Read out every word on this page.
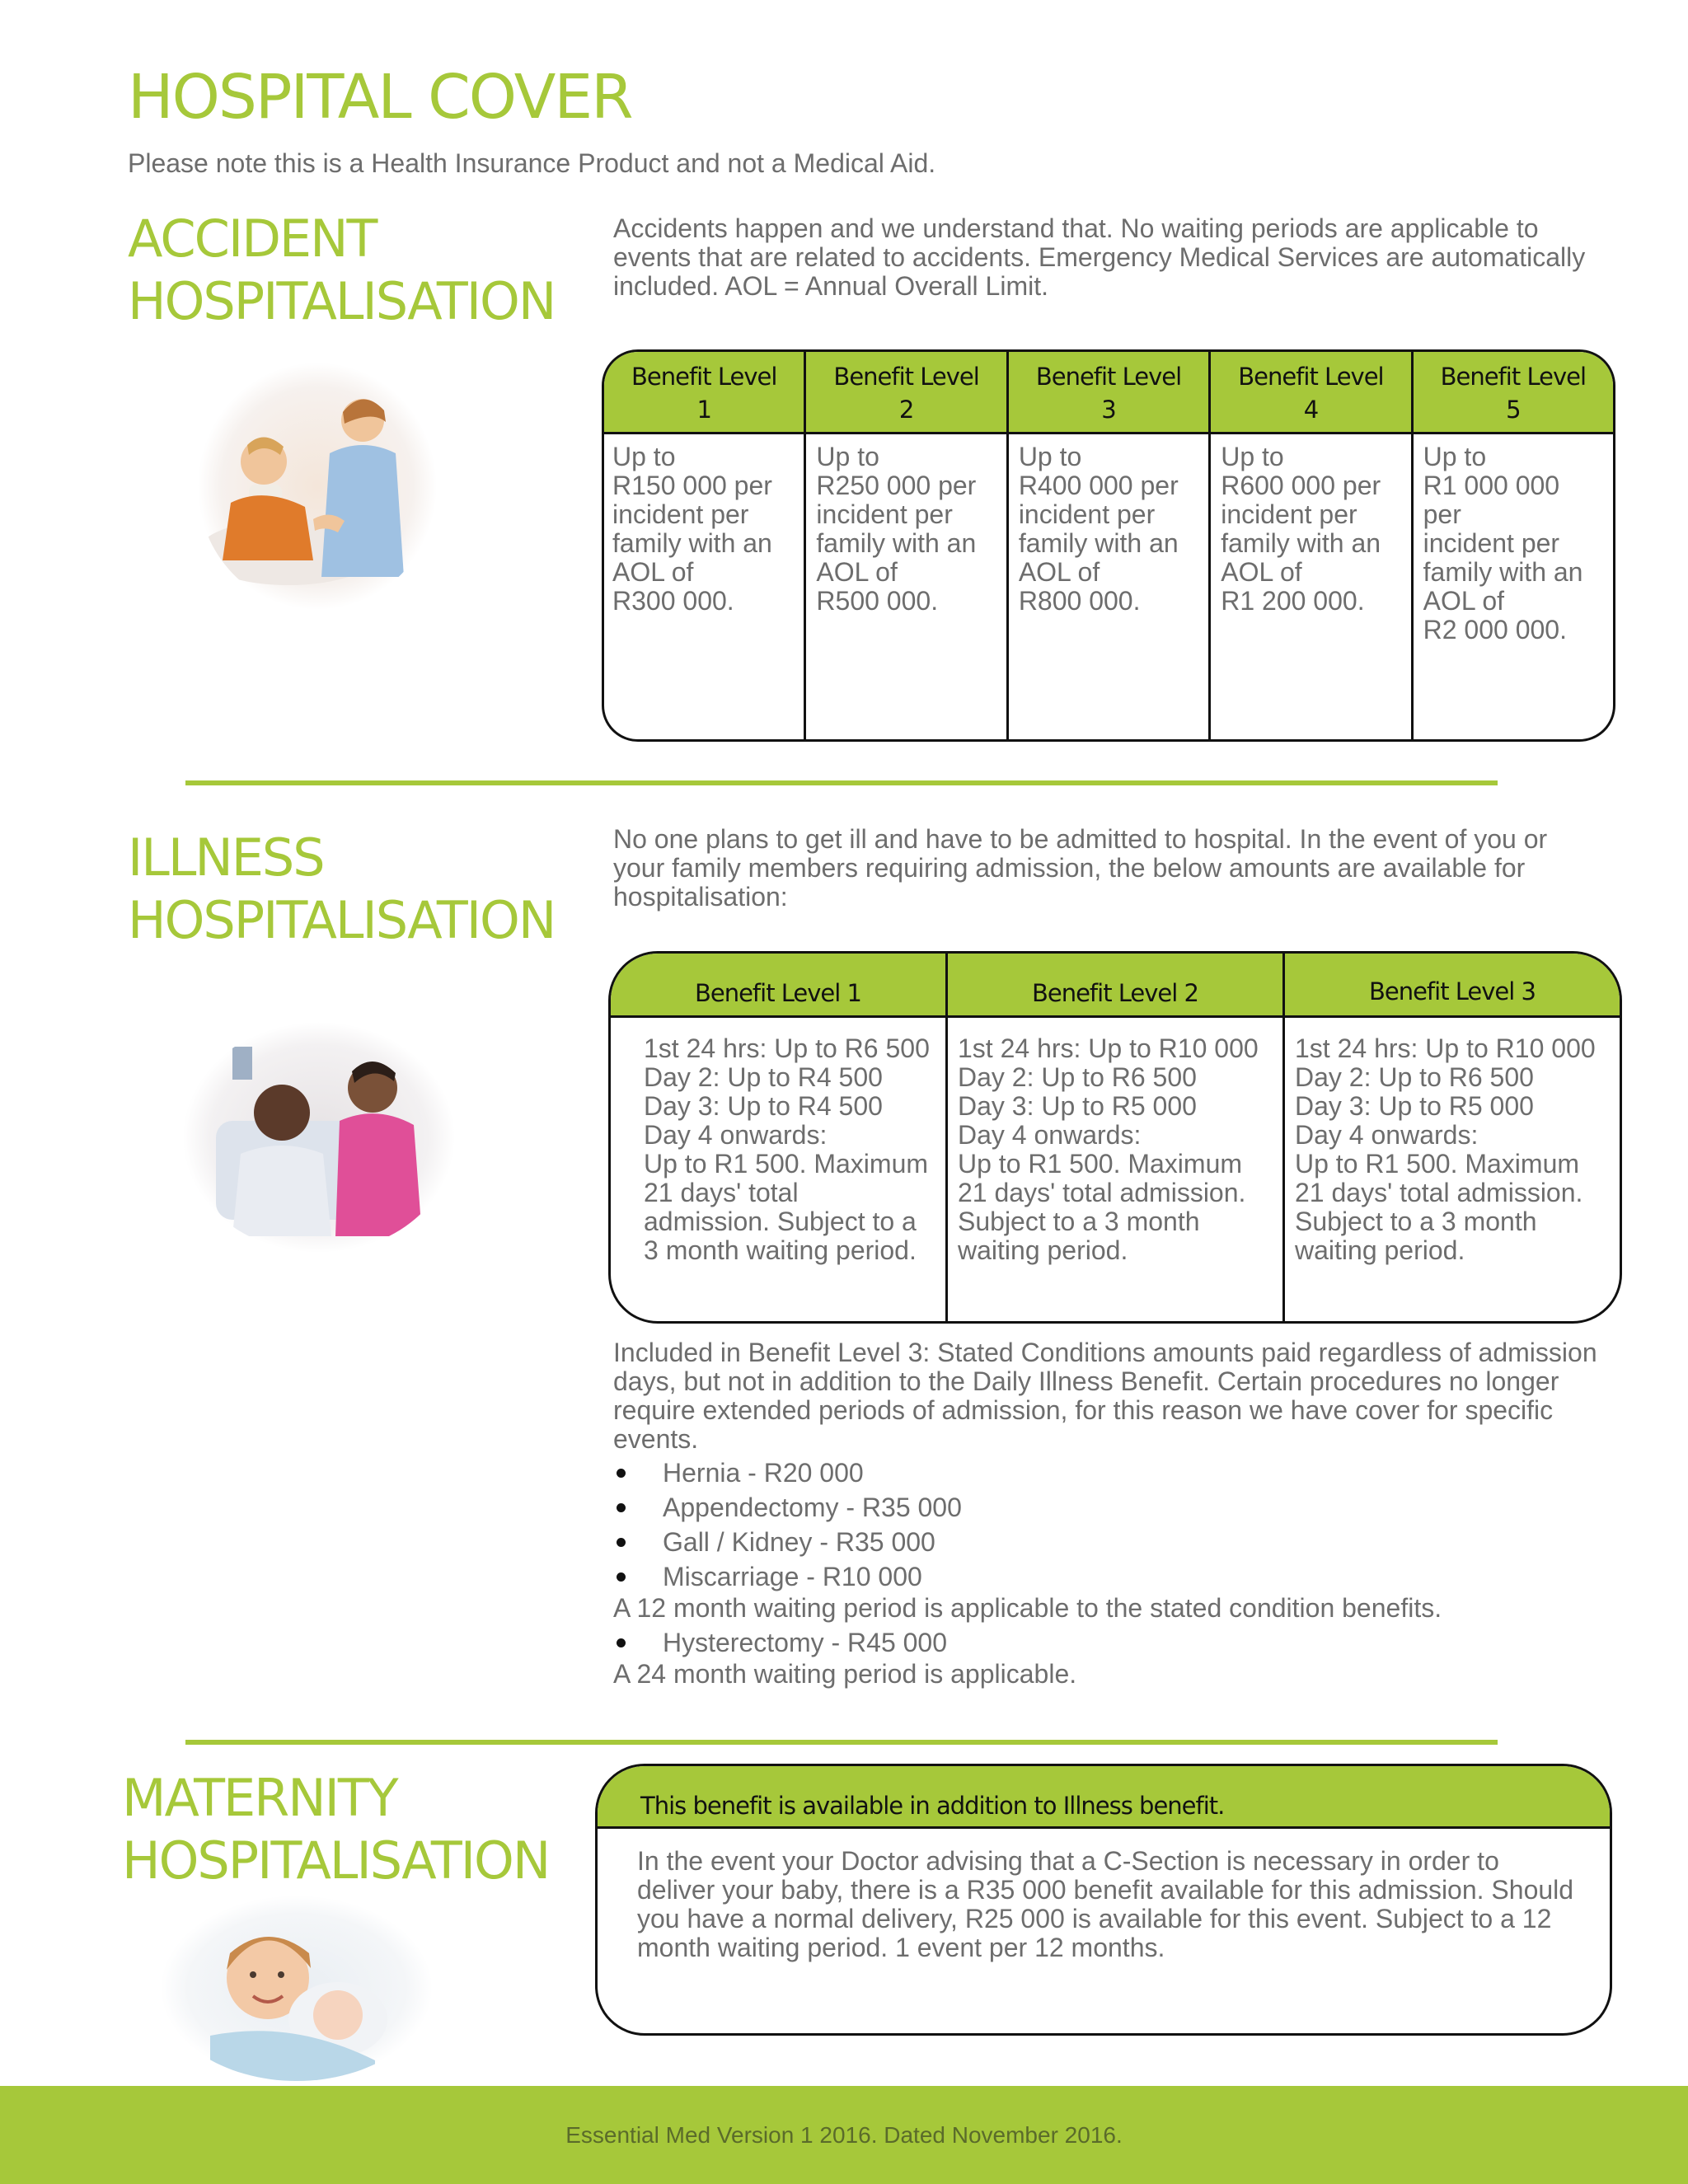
HOSPITAL COVER
Please note this is a Health Insurance Product and not a Medical Aid.
ACCIDENT
HOSPITALISATION

Accidents happen and we understand that. No waiting periods are applicable to events that are related to accidents. Emergency Medical Services are automatically included. AOL = Annual Overall Limit.

Benefit Level
1
Up to
R150 000 per
incident per
family with an
AOL of
R300 000.
Benefit Level
2
Up to
R250 000 per
incident per
family with an
AOL of
R500 000.
Benefit Level
3
Up to
R400 000 per
incident per
family with an
AOL of
R800 000.
Benefit Level
4
Up to
R600 000 per
incident per
family with an
AOL of
R1 200 000.
Benefit Level
5
Up to
R1 000 000 per
incident per
family with an
AOL of
R2 000 000.
ILLNESS
HOSPITALISATION

No one plans to get ill and have to be admitted to hospital. In the event of you or your family members requiring admission, the below amounts are available for hospitalisation:

Benefit Level 1
1st 24 hrs: Up to R6 500
Day 2: Up to R4 500
Day 3: Up to R4 500
Day 4 onwards:
Up to R1 500. Maximum
21 days' total
admission. Subject to a
3 month waiting period.
Benefit Level 2
1st 24 hrs: Up to R10 000
Day 2: Up to R6 500
Day 3: Up to R5 000
Day 4 onwards:
Up to R1 500. Maximum
21 days' total admission.
Subject to a 3 month
waiting period.
Benefit Level 3
1st 24 hrs: Up to R10 000
Day 2: Up to R6 500
Day 3: Up to R5 000
Day 4 onwards:
Up to R1 500. Maximum
21 days' total admission.
Subject to a 3 month
waiting period.

Included in Benefit Level 3: Stated Conditions amounts paid regardless of admission days, but not in addition to the Daily Illness Benefit. Certain procedures no longer require extended periods of admission, for this reason we have cover for specific events.

Hernia - R20 000
Appendectomy - R35 000
Gall / Kidney - R35 000
Miscarriage - R10 000
A 12 month waiting period is applicable to the stated condition benefits.
Hysterectomy - R45 000
A 24 month waiting period is applicable.
MATERNITY
HOSPITALISATION
This benefit is available in addition to Illness benefit.
In the event your Doctor advising that a C-Section is necessary in order to deliver your baby, there is a R35 000 benefit available for this admission. Should you have a normal delivery, R25 000 is available for this event. Subject to a 12 month waiting period. 1 event per 12 months.
Essential Med Version 1 2016. Dated November 2016.
